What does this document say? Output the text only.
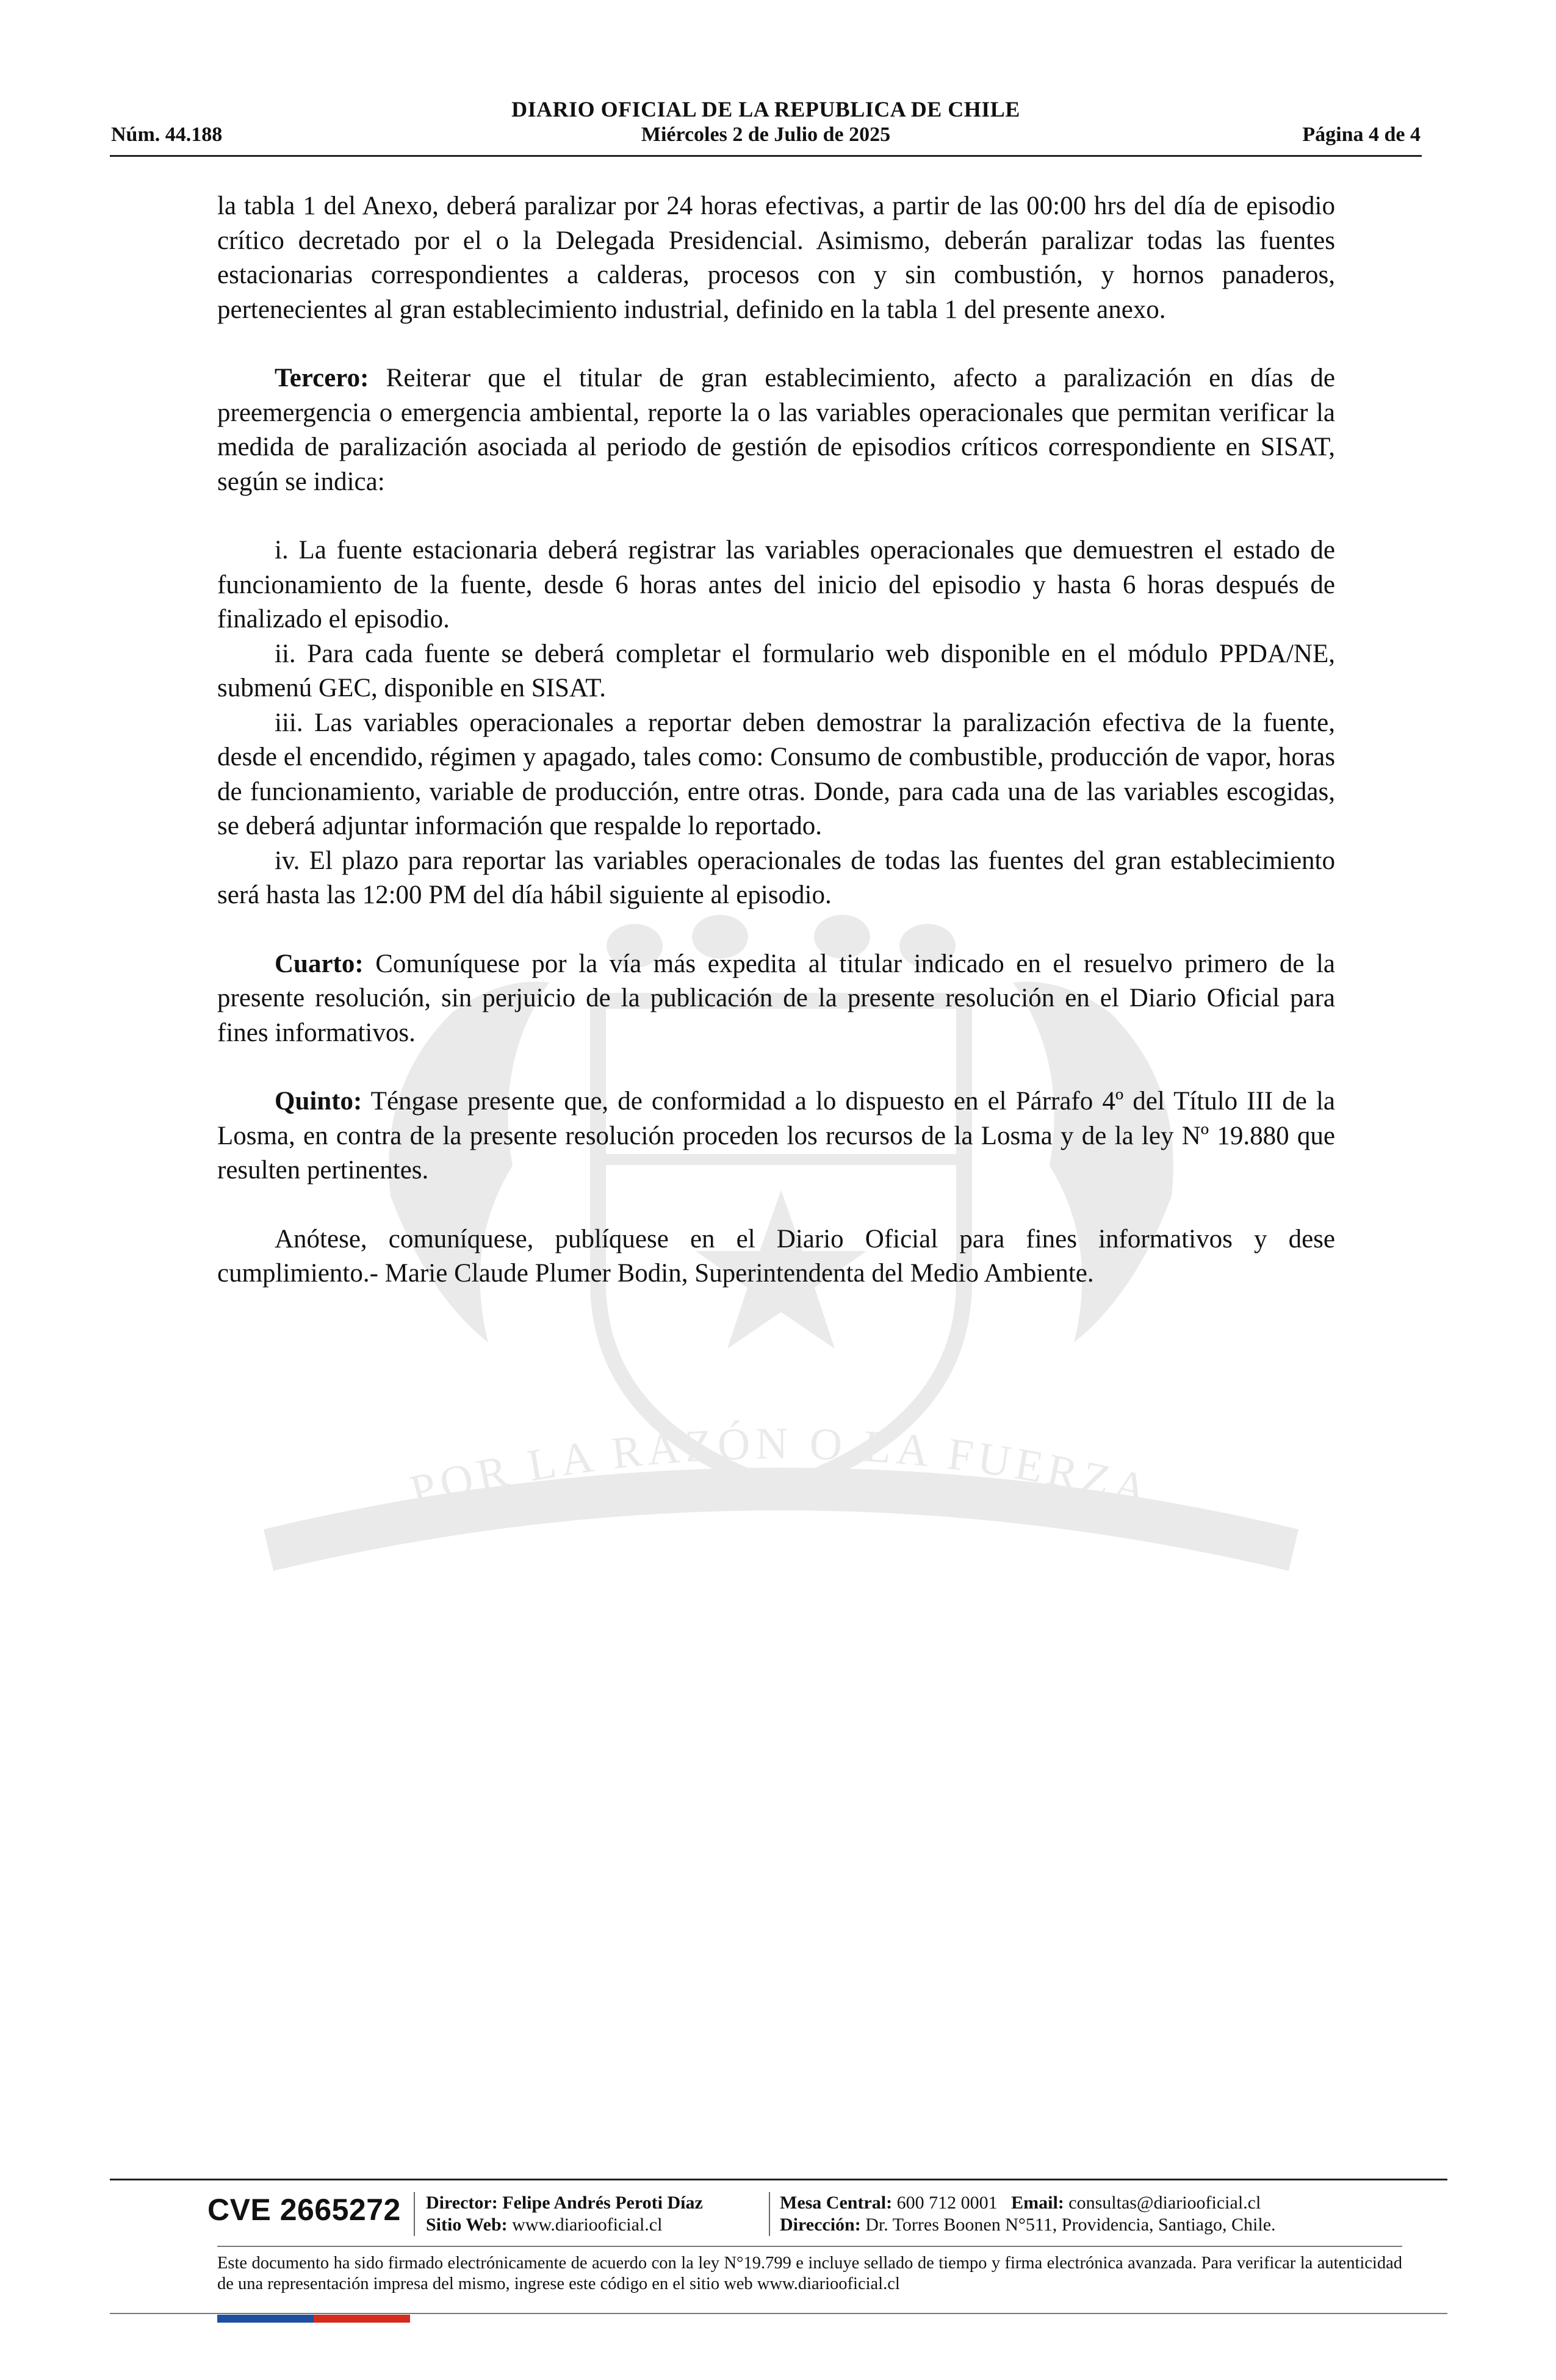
DIARIO OFICIAL DE LA REPUBLICA DE CHILE
Núm. 44.188	Miércoles 2 de Julio de 2025	Página 4 de 4
POR LA RAZÓN O LA FUERZA

la tabla 1 del Anexo, deberá paralizar por 24 horas efectivas, a partir de las 00:00 hrs del día de episodio crítico decretado por el o la Delegada Presidencial. Asimismo, deberán paralizar todas las fuentes estacionarias correspondientes a calderas, procesos con y sin combustión, y hornos panaderos, pertenecientes al gran establecimiento industrial, definido en la tabla 1 del presente anexo.

Tercero: Reiterar que el titular de gran establecimiento, afecto a paralización en días de preemergencia o emergencia ambiental, reporte la o las variables operacionales que permitan verificar la medida de paralización asociada al periodo de gestión de episodios críticos correspondiente en SISAT, según se indica:

i. La fuente estacionaria deberá registrar las variables operacionales que demuestren el estado de funcionamiento de la fuente, desde 6 horas antes del inicio del episodio y hasta 6 horas después de finalizado el episodio.

ii. Para cada fuente se deberá completar el formulario web disponible en el módulo PPDA/NE, submenú GEC, disponible en SISAT.

iii. Las variables operacionales a reportar deben demostrar la paralización efectiva de la fuente, desde el encendido, régimen y apagado, tales como: Consumo de combustible, producción de vapor, horas de funcionamiento, variable de producción, entre otras. Donde, para cada una de las variables escogidas, se deberá adjuntar información que respalde lo reportado.

iv. El plazo para reportar las variables operacionales de todas las fuentes del gran establecimiento será hasta las 12:00 PM del día hábil siguiente al episodio.

Cuarto: Comuníquese por la vía más expedita al titular indicado en el resuelvo primero de la presente resolución, sin perjuicio de la publicación de la presente resolución en el Diario Oficial para fines informativos.

Quinto: Téngase presente que, de conformidad a lo dispuesto en el Párrafo 4º del Título III de la Losma, en contra de la presente resolución proceden los recursos de la Losma y de la ley Nº 19.880 que resulten pertinentes.

Anótese, comuníquese, publíquese en el Diario Oficial para fines informativos y dese cumplimiento.- Marie Claude Plumer Bodin, Superintendenta del Medio Ambiente.

CVE 2665272 Director: Felipe Andrés Peroti Díaz
Sitio Web: www.diariooficial.cl
Mesa Central: 600 712 0001 Email: consultas@diariooficial.cl
Dirección: Dr. Torres Boonen N°511, Providencia, Santiago, Chile.
Este documento ha sido firmado electrónicamente de acuerdo con la ley N°19.799 e incluye sellado de tiempo y firma electrónica avanzada. Para verificar la autenticidad de una representación impresa del mismo, ingrese este código en el sitio web www.diariooficial.cl
